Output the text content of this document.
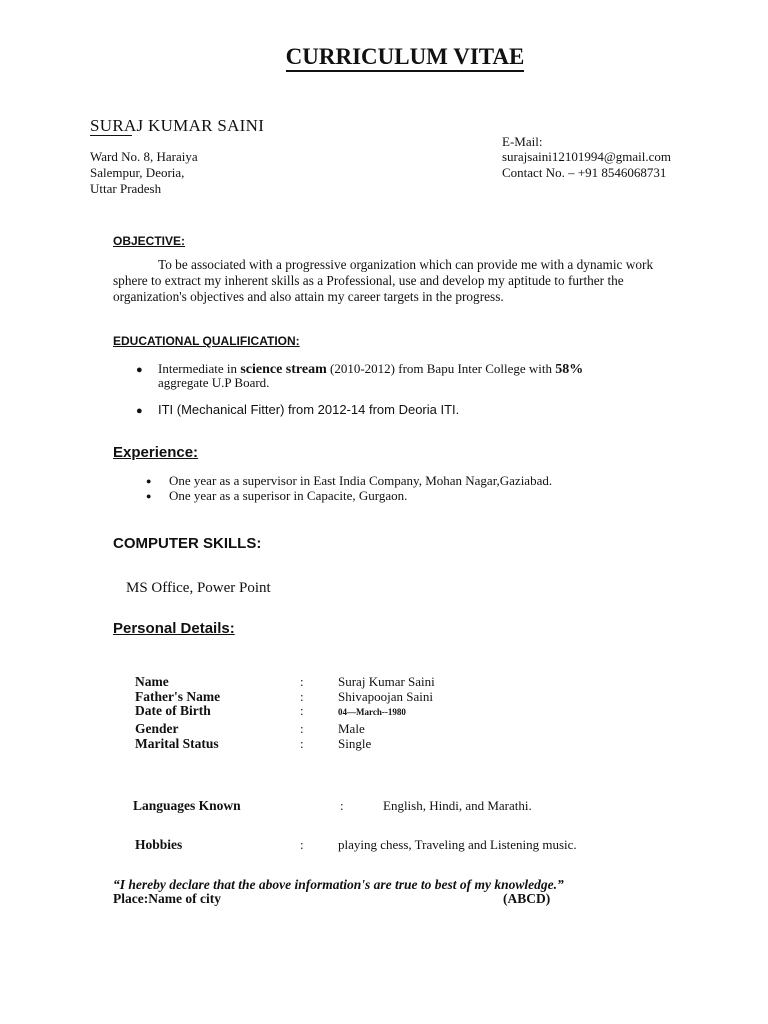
CURRICULUM VITAE
SURAJ KUMAR SAINI
Ward No. 8, Haraiya
Salempur, Deoria,
Uttar Pradesh
E-Mail:
surajsaini12101994@gmail.com
Contact No. – +91 8546068731
OBJECTIVE:
To be associated with a progressive organization which can provide me with a dynamic work sphere to extract my inherent skills as a Professional, use and develop my aptitude to further the organization's objectives and also attain my career targets in the progress.
EDUCATIONAL QUALIFICATION:
● Intermediate in science stream (2010-2012) from Bapu Inter College with 58%
aggregate U.P Board.
● ITI (Mechanical Fitter) from 2012-14 from Deoria ITI.
Experience:
● One year as a supervisor in East India Company, Mohan Nagar,Gaziabad.
● One year as a superisor in Capacite, Gurgaon.
COMPUTER SKILLS:
MS Office, Power Point
Personal Details:
Name	:	Suraj Kumar Saini
Father's Name	:	Shivapoojan Saini
Date of Birth	:	04—March--1980
Gender	:	Male
Marital Status	:	Single
Languages Known	:	English, Hindi, and Marathi.
Hobbies	:	playing chess, Traveling and Listening music.
“I hereby declare that the above information's are true to best of my knowledge.”
Place:Name of city	(ABCD)
